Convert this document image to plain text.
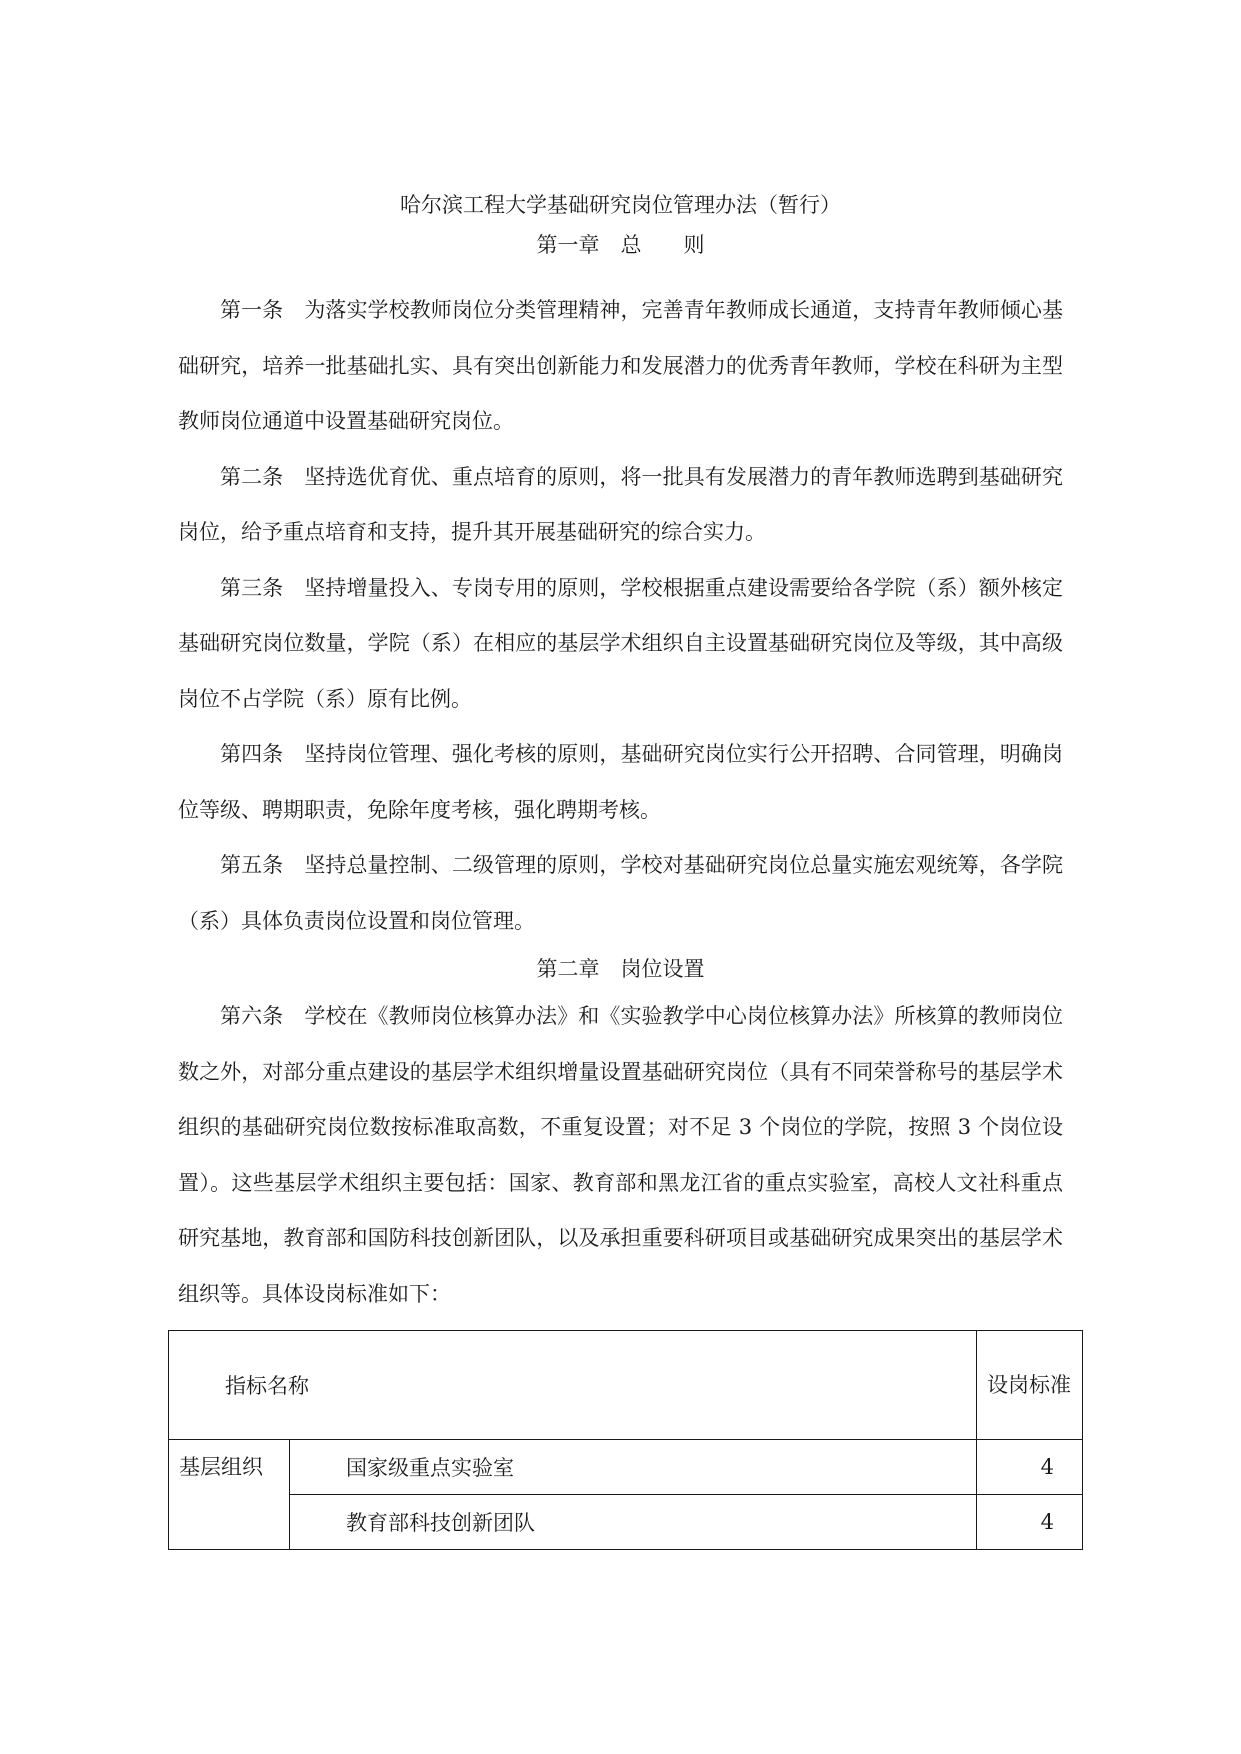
哈尔滨工程大学基础研究岗位管理办法（暂行）
第一章　总　　则

第一条　 为落实学校教师岗位分类管理精神，完善青年教师成长通道，支持青年教师倾心基础研究，培养一批基础扎实、具有突出创新能力和发展潜力的优秀青年教师，学校在科研为主型教师岗位通道中设置基础研究岗位。

第二条　 坚持选优育优、重点培育的原则，将一批具有发展潜力的青年教师选聘到基础研究岗位，给予重点培育和支持，提升其开展基础研究的综合实力。

第三条　 坚持增量投入、专岗专用的原则，学校根据重点建设需要给各学院（系）额外核定基础研究岗位数量，学院（系）在相应的基层学术组织自主设置基础研究岗位及等级，其中高级岗位不占学院（系）原有比例。

第四条　 坚持岗位管理、强化考核的原则，基础研究岗位实行公开招聘、合同管理，明确岗位等级、聘期职责，免除年度考核，强化聘期考核。

第五条　 坚持总量控制、二级管理的原则，学校对基础研究岗位总量实施宏观统筹，各学院（系）具体负责岗位设置和岗位管理。

第二章　岗位设置

第六条　 学校在《教师岗位核算办法》和《实验教学中心岗位核算办法》所核算的教师岗位数之外，对部分重点建设的基层学术组织增量设置基础研究岗位（具有不同荣誉称号的基层学术组织的基础研究岗位数按标准取高数，不重复设置；对不足 3 个岗位的学院，按照 3 个岗位设置）。这些基层学术组织主要包括：国家、教育部和黑龙江省的重点实验室，高校人文社科重点研究基地，教育部和国防科技创新团队，以及承担重要科研项目或基础研究成果突出的基层学术组织等。具体设岗标准如下：

指标名称		设岗标准
基层组织	国家级重点实验室	4
	教育部科技创新团队	4
